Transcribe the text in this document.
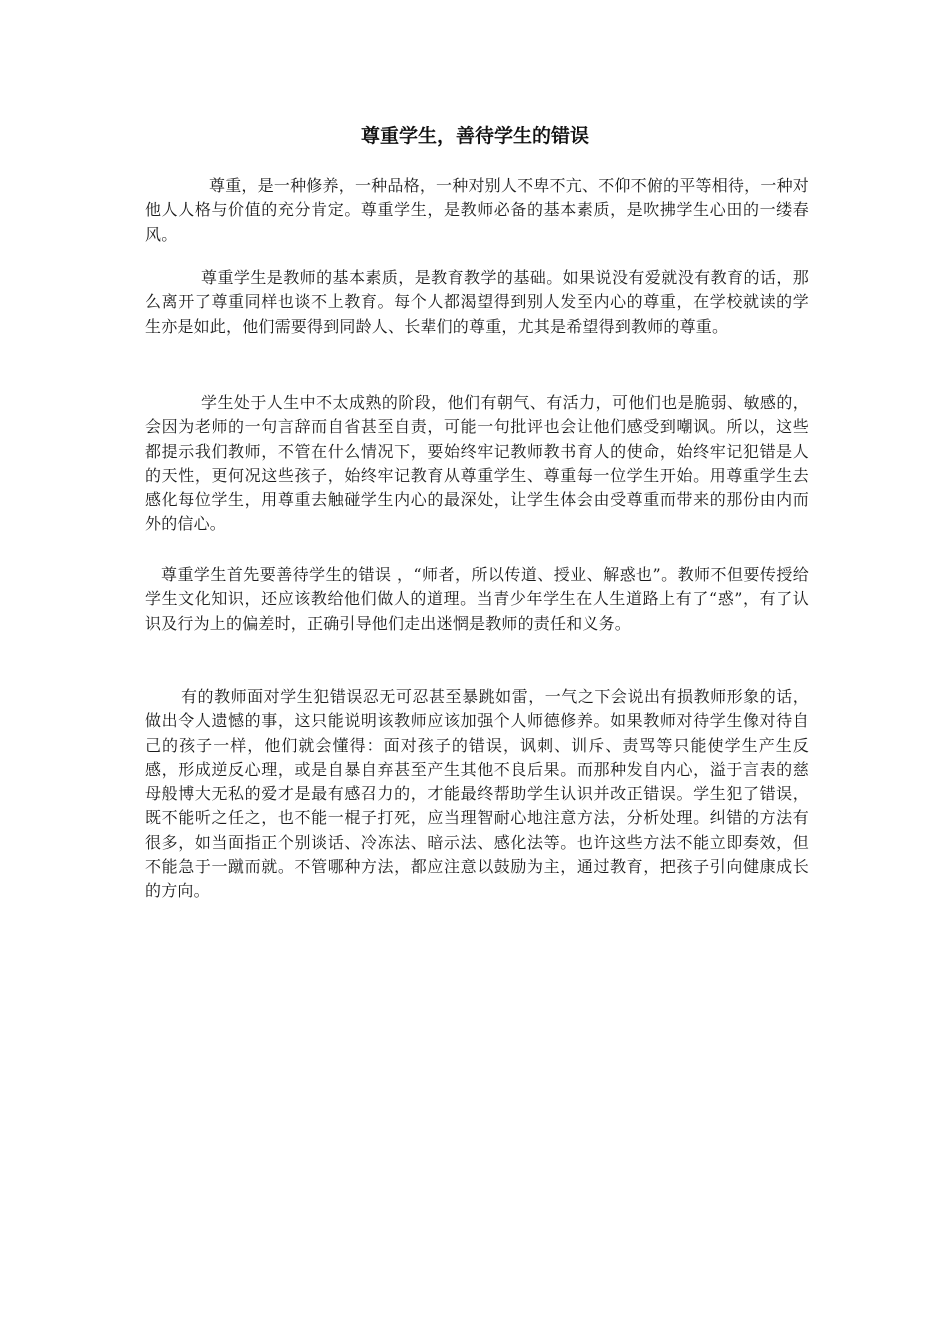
尊重学生，善待学生的错误

尊重，是一种修养，一种品格，一种对别人不卑不亢、不仰不俯的平等相待，一种对他人人格与价值的充分肯定。尊重学生，是教师必备的基本素质，是吹拂学生心田的一缕春风。

尊重学生是教师的基本素质，是教育教学的基础。如果说没有爱就没有教育的话，那么离开了尊重同样也谈不上教育。每个人都渴望得到别人发至内心的尊重，在学校就读的学生亦是如此，他们需要得到同龄人、长辈们的尊重，尤其是希望得到教师的尊重。

学生处于人生中不太成熟的阶段，他们有朝气、有活力，可他们也是脆弱、敏感的，会因为老师的一句言辞而自省甚至自责，可能一句批评也会让他们感受到嘲讽。所以，这些都提示我们教师，不管在什么情况下，要始终牢记教师教书育人的使命，始终牢记犯错是人的天性，更何况这些孩子，始终牢记教育从尊重学生、尊重每一位学生开始。用尊重学生去感化每位学生，用尊重去触碰学生内心的最深处，让学生体会由受尊重而带来的那份由内而外的信心。

尊重学生首先要善待学生的错误 ，“师者，所以传道、授业、解惑也”。教师不但要传授给学生文化知识，还应该教给他们做人的道理。当青少年学生在人生道路上有了“惑”，有了认识及行为上的偏差时，正确引导他们走出迷惘是教师的责任和义务。

有的教师面对学生犯错误忍无可忍甚至暴跳如雷，一气之下会说出有损教师形象的话，做出令人遗憾的事，这只能说明该教师应该加强个人师德修养。如果教师对待学生像对待自己的孩子一样，他们就会懂得：面对孩子的错误，讽刺、训斥、责骂等只能使学生产生反感，形成逆反心理，或是自暴自弃甚至产生其他不良后果。而那种发自内心，溢于言表的慈母般博大无私的爱才是最有感召力的，才能最终帮助学生认识并改正错误。学生犯了错误，既不能听之任之，也不能一棍子打死，应当理智耐心地注意方法，分析处理。纠错的方法有很多，如当面指正个别谈话、冷冻法、暗示法、感化法等。也许这些方法不能立即奏效，但不能急于一蹴而就。不管哪种方法，都应注意以鼓励为主，通过教育，把孩子引向健康成长的方向。
